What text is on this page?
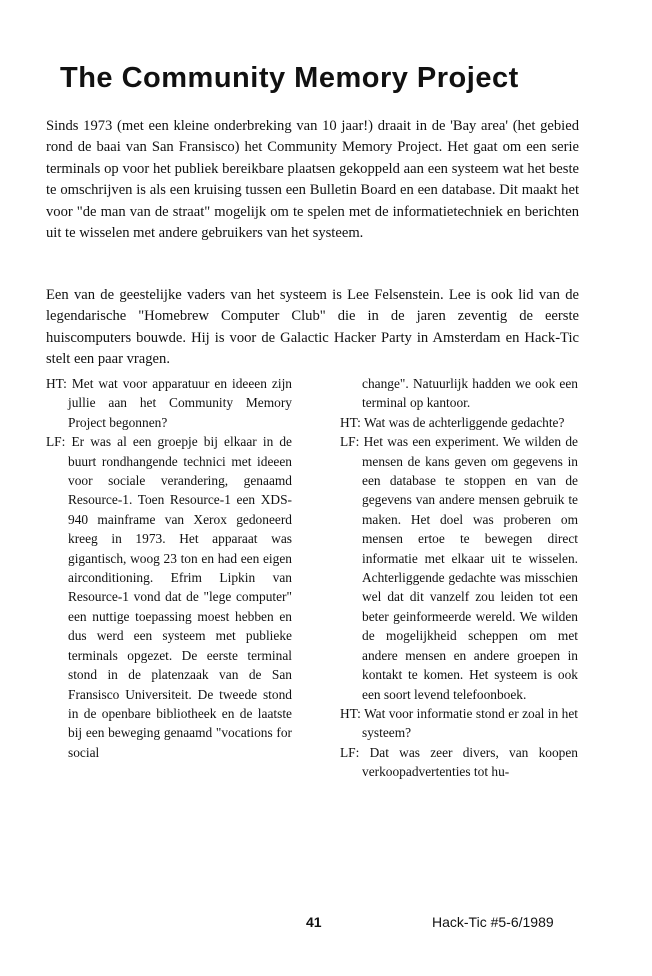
The Community Memory Project

Sinds 1973 (met een kleine onderbreking van 10 jaar!) draait in de 'Bay area' (het gebied rond de baai van San Fransisco) het Community Memory Project. Het gaat om een serie terminals op voor het publiek bereikbare plaatsen gekoppeld aan een systeem wat het beste te omschrijven is als een kruising tussen een Bulletin Board en een database. Dit maakt het voor "de man van de straat" mogelijk om te spelen met de informatietechniek en berichten uit te wisselen met andere gebruikers van het systeem.

Een van de geestelijke vaders van het systeem is Lee Felsenstein. Lee is ook lid van de legendarische "Homebrew Computer Club" die in de jaren zeventig de eerste huiscomputers bouwde. Hij is voor de Galactic Hacker Party in Amsterdam en Hack-Tic stelt een paar vragen.

HT: Met wat voor apparatuur en ideeen zijn jullie aan het Community Memory Project begonnen?

LF: Er was al een groepje bij elkaar in de buurt rondhangende technici met ideeen voor sociale verandering, genaamd Resource-1. Toen Resource-1 een XDS-940 mainframe van Xerox gedoneerd kreeg in 1973. Het apparaat was gigantisch, woog 23 ton en had een eigen airconditioning. Efrim Lipkin van Resource-1 vond dat de "lege computer" een nuttige toepassing moest hebben en dus werd een systeem met publieke terminals opgezet. De eerste terminal stond in de platenzaak van de San Fransisco Universiteit. De tweede stond in de openbare bibliotheek en de laatste bij een beweging genaamd "vocations for social

change". Natuurlijk hadden we ook een terminal op kantoor.

HT: Wat was de achterliggende gedachte?

LF: Het was een experiment. We wilden de mensen de kans geven om gegevens in een database te stoppen en van de gegevens van andere mensen gebruik te maken. Het doel was proberen om mensen ertoe te bewegen direct informatie met elkaar uit te wisselen. Achterliggende gedachte was misschien wel dat dit vanzelf zou leiden tot een beter geinformeerde wereld. We wilden de mogelijkheid scheppen om met andere mensen en andere groepen in kontakt te komen. Het systeem is ook een soort levend telefoonboek.

HT: Wat voor informatie stond er zoal in het systeem?

LF: Dat was zeer divers, van koopen verkoopadvertenties tot hu-

41	Hack-Tic #5-6/1989
